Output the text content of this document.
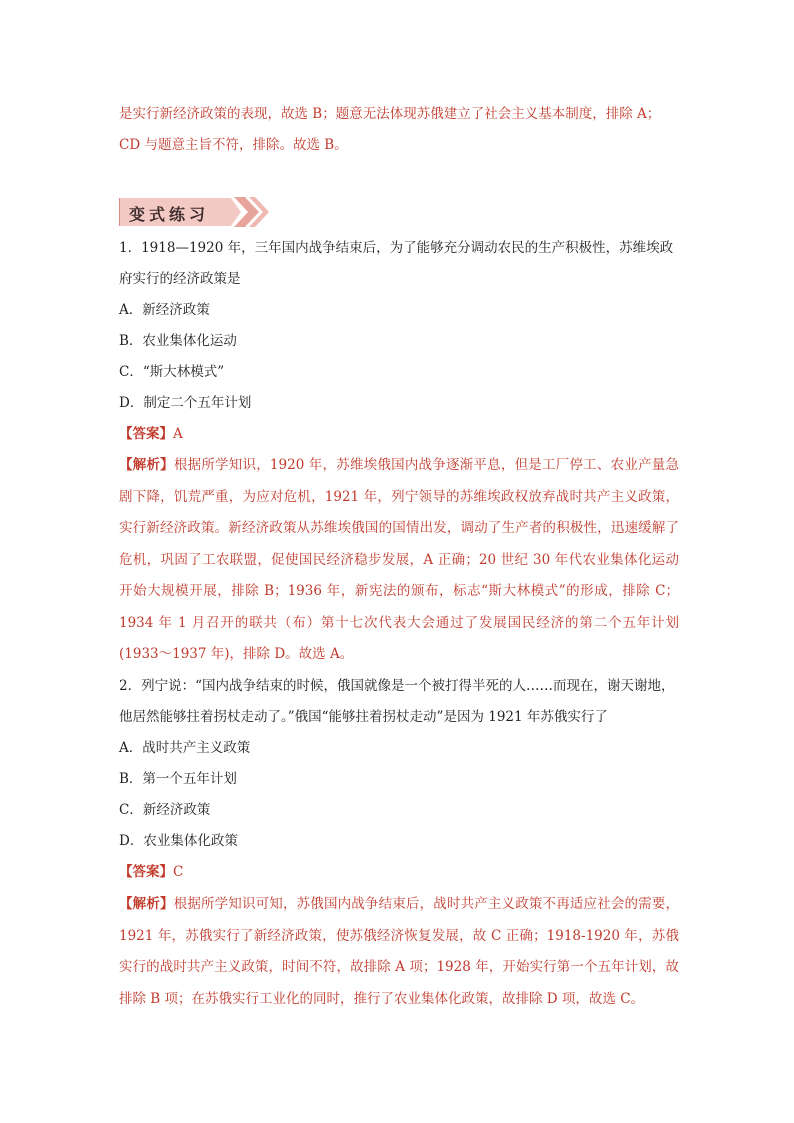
是实行新经济政策的表现，故选 B；题意无法体现苏俄建立了社会主义基本制度，排除 A；

CD 与题意主旨不符，排除。故选 B。

变式练习

1．1918—1920 年，三年国内战争结束后，为了能够充分调动农民的生产积极性，苏维埃政

府实行的经济政策是

A．新经济政策

B．农业集体化运动

C．“斯大林模式”

D．制定二个五年计划

【答案】A

【解析】根据所学知识，1920 年，苏维埃俄国内战争逐渐平息，但是工厂停工、农业产量急剧下降，饥荒严重，为应对危机，1921 年，列宁领导的苏维埃政权放弃战时共产主义政策，实行新经济政策。新经济政策从苏维埃俄国的国情出发，调动了生产者的积极性，迅速缓解了危机，巩固了工农联盟，促使国民经济稳步发展，A 正确；20 世纪 30 年代农业集体化运动开始大规模开展，排除 B；1936 年，新宪法的颁布，标志“斯大林模式”的形成，排除 C；1934 年 1 月召开的联共（布）第十七次代表大会通过了发展国民经济的第二个五年计划(1933～1937 年)，排除 D。故选 A。

2．列宁说：“国内战争结束的时候，俄国就像是一个被打得半死的人……而现在，谢天谢地，

他居然能够拄着拐杖走动了。”俄国“能够拄着拐杖走动”是因为 1921 年苏俄实行了

A．战时共产主义政策

B．第一个五年计划

C．新经济政策

D．农业集体化政策

【答案】C

【解析】根据所学知识可知，苏俄国内战争结束后，战时共产主义政策不再适应社会的需要，1921 年，苏俄实行了新经济政策，使苏俄经济恢复发展，故 C 正确；1918-1920 年，苏俄实行的战时共产主义政策，时间不符，故排除 A 项；1928 年，开始实行第一个五年计划，故排除 B 项；在苏俄实行工业化的同时，推行了农业集体化政策，故排除 D 项，故选 C。
